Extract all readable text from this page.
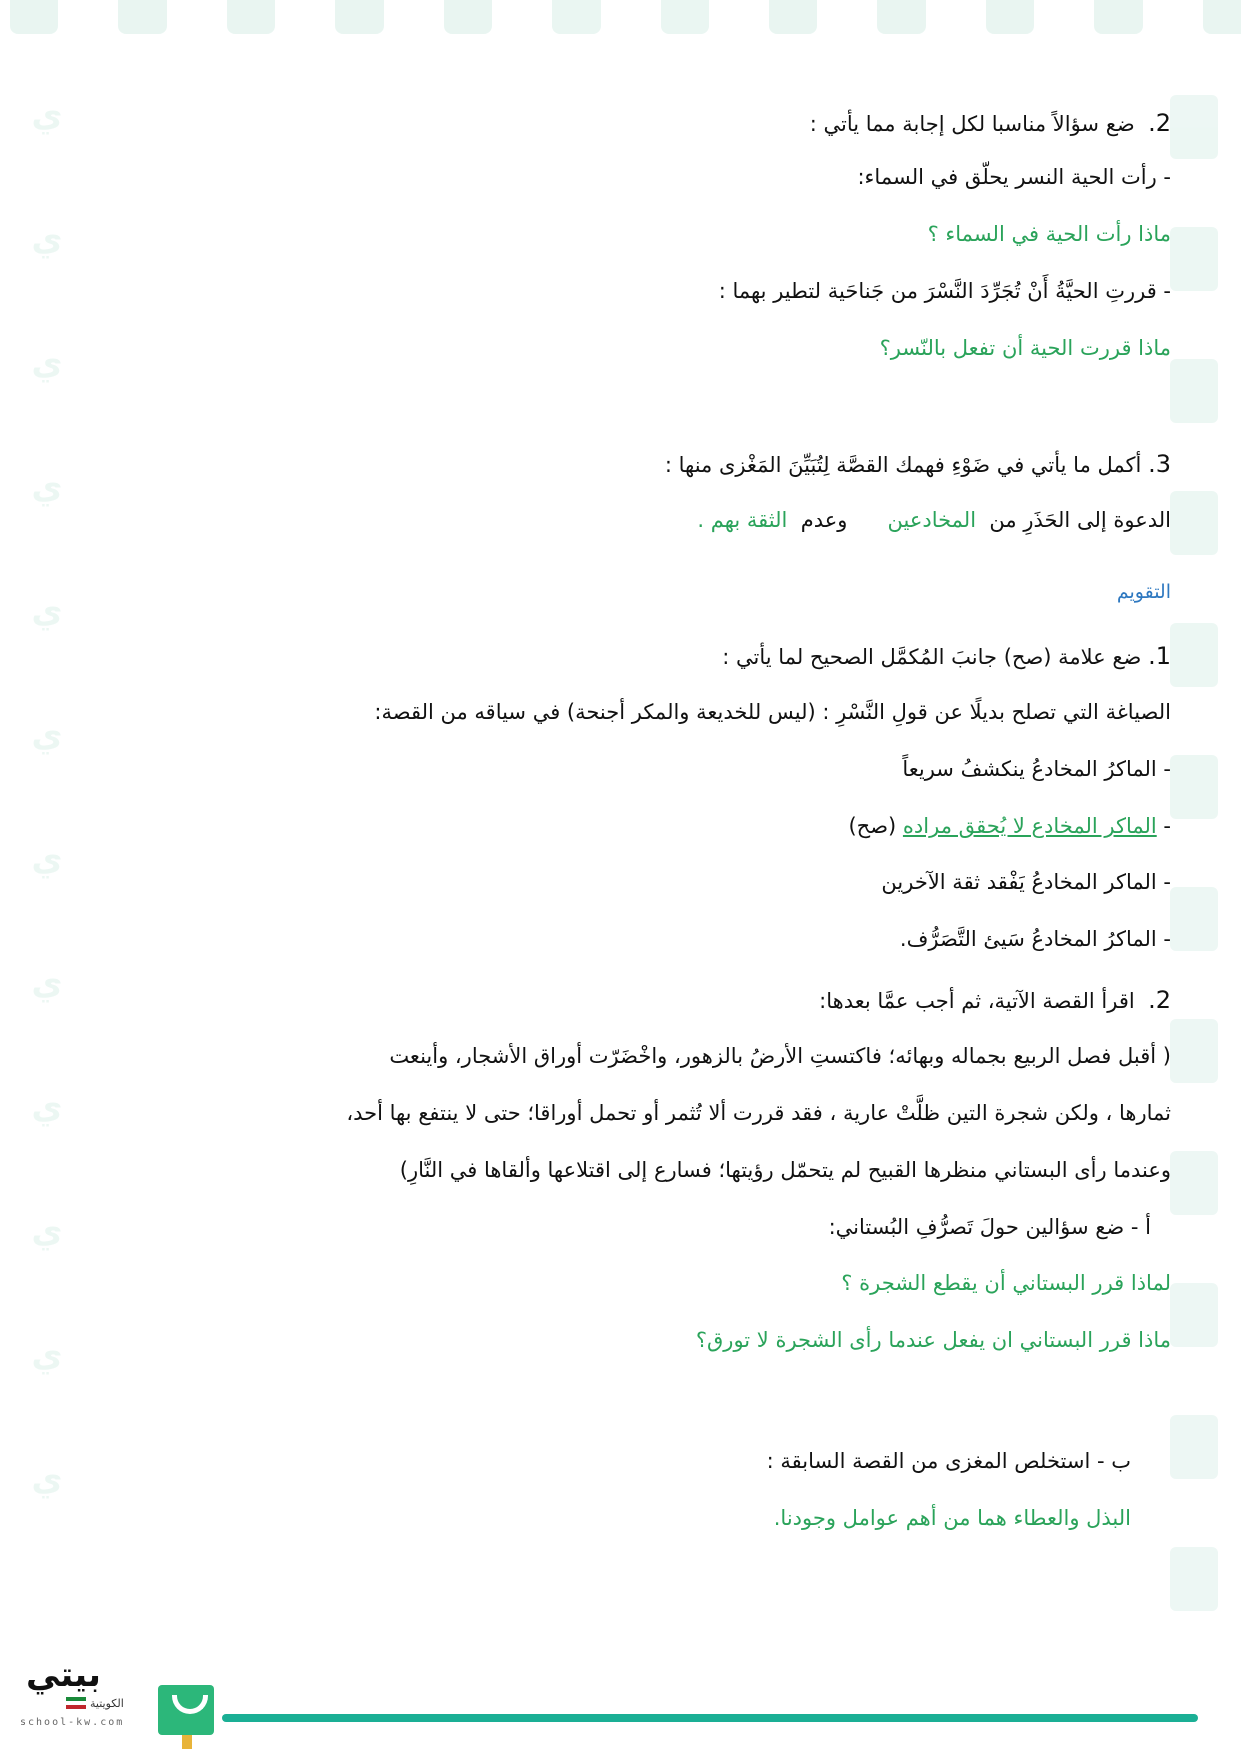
ي
ي
ي
ي
ي
ي
ي
ي
ي
ي
ي
ي
2.  ضع سؤالاً مناسبا لكل إجابة مما يأتي :
- رأت الحية النسر يحلّق في السماء:
ماذا رأت الحية في السماء ؟
- قررتِ الحيَّةُ أَنْ تُجَرِّدَ النَّسْرَ من جَناحَية لتطير بهما :
ماذا قررت الحية أن تفعل بالنّسر؟
3. أكمل ما يأتي في ضَوْءِ فهمك القصَّة لِتُبَيِّنَ المَغْزى منها :
الدعوة إلى الحَذَرِ من  المخادعين      وعدم  الثقة بهم .
التقويم
1. ضع علامة (صح) جانبَ المُكمَّل الصحيح لما يأتي :
الصياغة التي تصلح بديلًا عن قولِ النَّسْرِ : (ليس للخديعة والمكر أجنحة) في سياقه من القصة:
- الماكرُ المخادعُ ينكشفُ سريعاً
- الماكر المخادع لا يُحقق مراده (صح)
- الماكر المخادعُ يَفْقد ثقة الآخرين
- الماكرُ المخادعُ سَيئ التَّصَرُّف.
2.  اقرأ القصة الآتية، ثم أجب عمَّا بعدها:
( أقبل فصل الربيع بجماله وبهائه؛ فاكتستِ الأرضُ بالزهور، واخْضَرّت أوراق الأشجار، وأينعت
ثمارها ، ولكن شجرة التين ظلَّتْ عارية ، فقد قررت ألا تُثمر أو تحمل أوراقا؛ حتى لا ينتفع بها أحد،
وعندما رأى البستاني منظرها القبيح لم يتحمّل رؤيتها؛ فسارع إلى اقتلاعها وألقاها في النَّارِ)
أ - ضع سؤالين حولَ تَصرُّفِ البُستاني:
لماذا قرر البستاني أن يقطع الشجرة ؟
ماذا قرر البستاني ان يفعل عندما رأى الشجرة لا تورق؟
ب - استخلص المغزى من القصة السابقة :
البذل والعطاء هما من أهم عوامل وجودنا.
بيتي
الكويتية
school-kw.com
